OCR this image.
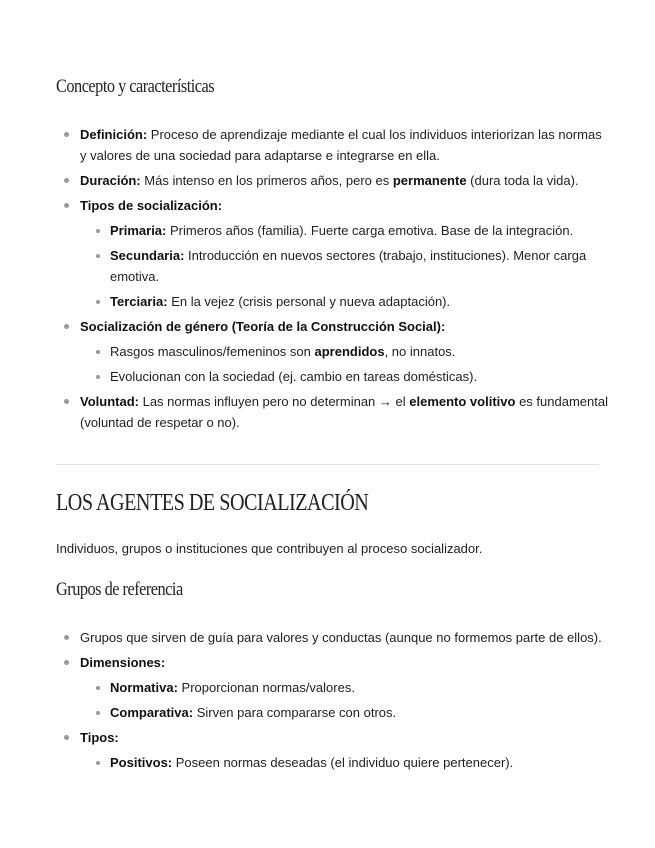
Concepto y características
Definición: Proceso de aprendizaje mediante el cual los individuos interiorizan las normas y valores de una sociedad para adaptarse e integrarse en ella.
Duración: Más intenso en los primeros años, pero es permanente (dura toda la vida).
Tipos de socialización:
Primaria: Primeros años (familia). Fuerte carga emotiva. Base de la integración.
Secundaria: Introducción en nuevos sectores (trabajo, instituciones). Menor carga emotiva.
Terciaria: En la vejez (crisis personal y nueva adaptación).
Socialización de género (Teoría de la Construcción Social):
Rasgos masculinos/femeninos son aprendidos, no innatos.
Evolucionan con la sociedad (ej. cambio en tareas domésticas).
Voluntad: Las normas influyen pero no determinan → el elemento volitivo es fundamental (voluntad de respetar o no).
LOS AGENTES DE SOCIALIZACIÓN

Individuos, grupos o instituciones que contribuyen al proceso socializador.

Grupos de referencia
Grupos que sirven de guía para valores y conductas (aunque no formemos parte de ellos).
Dimensiones:
Normativa: Proporcionan normas/valores.
Comparativa: Sirven para compararse con otros.
Tipos:
Positivos: Poseen normas deseadas (el individuo quiere pertenecer).
